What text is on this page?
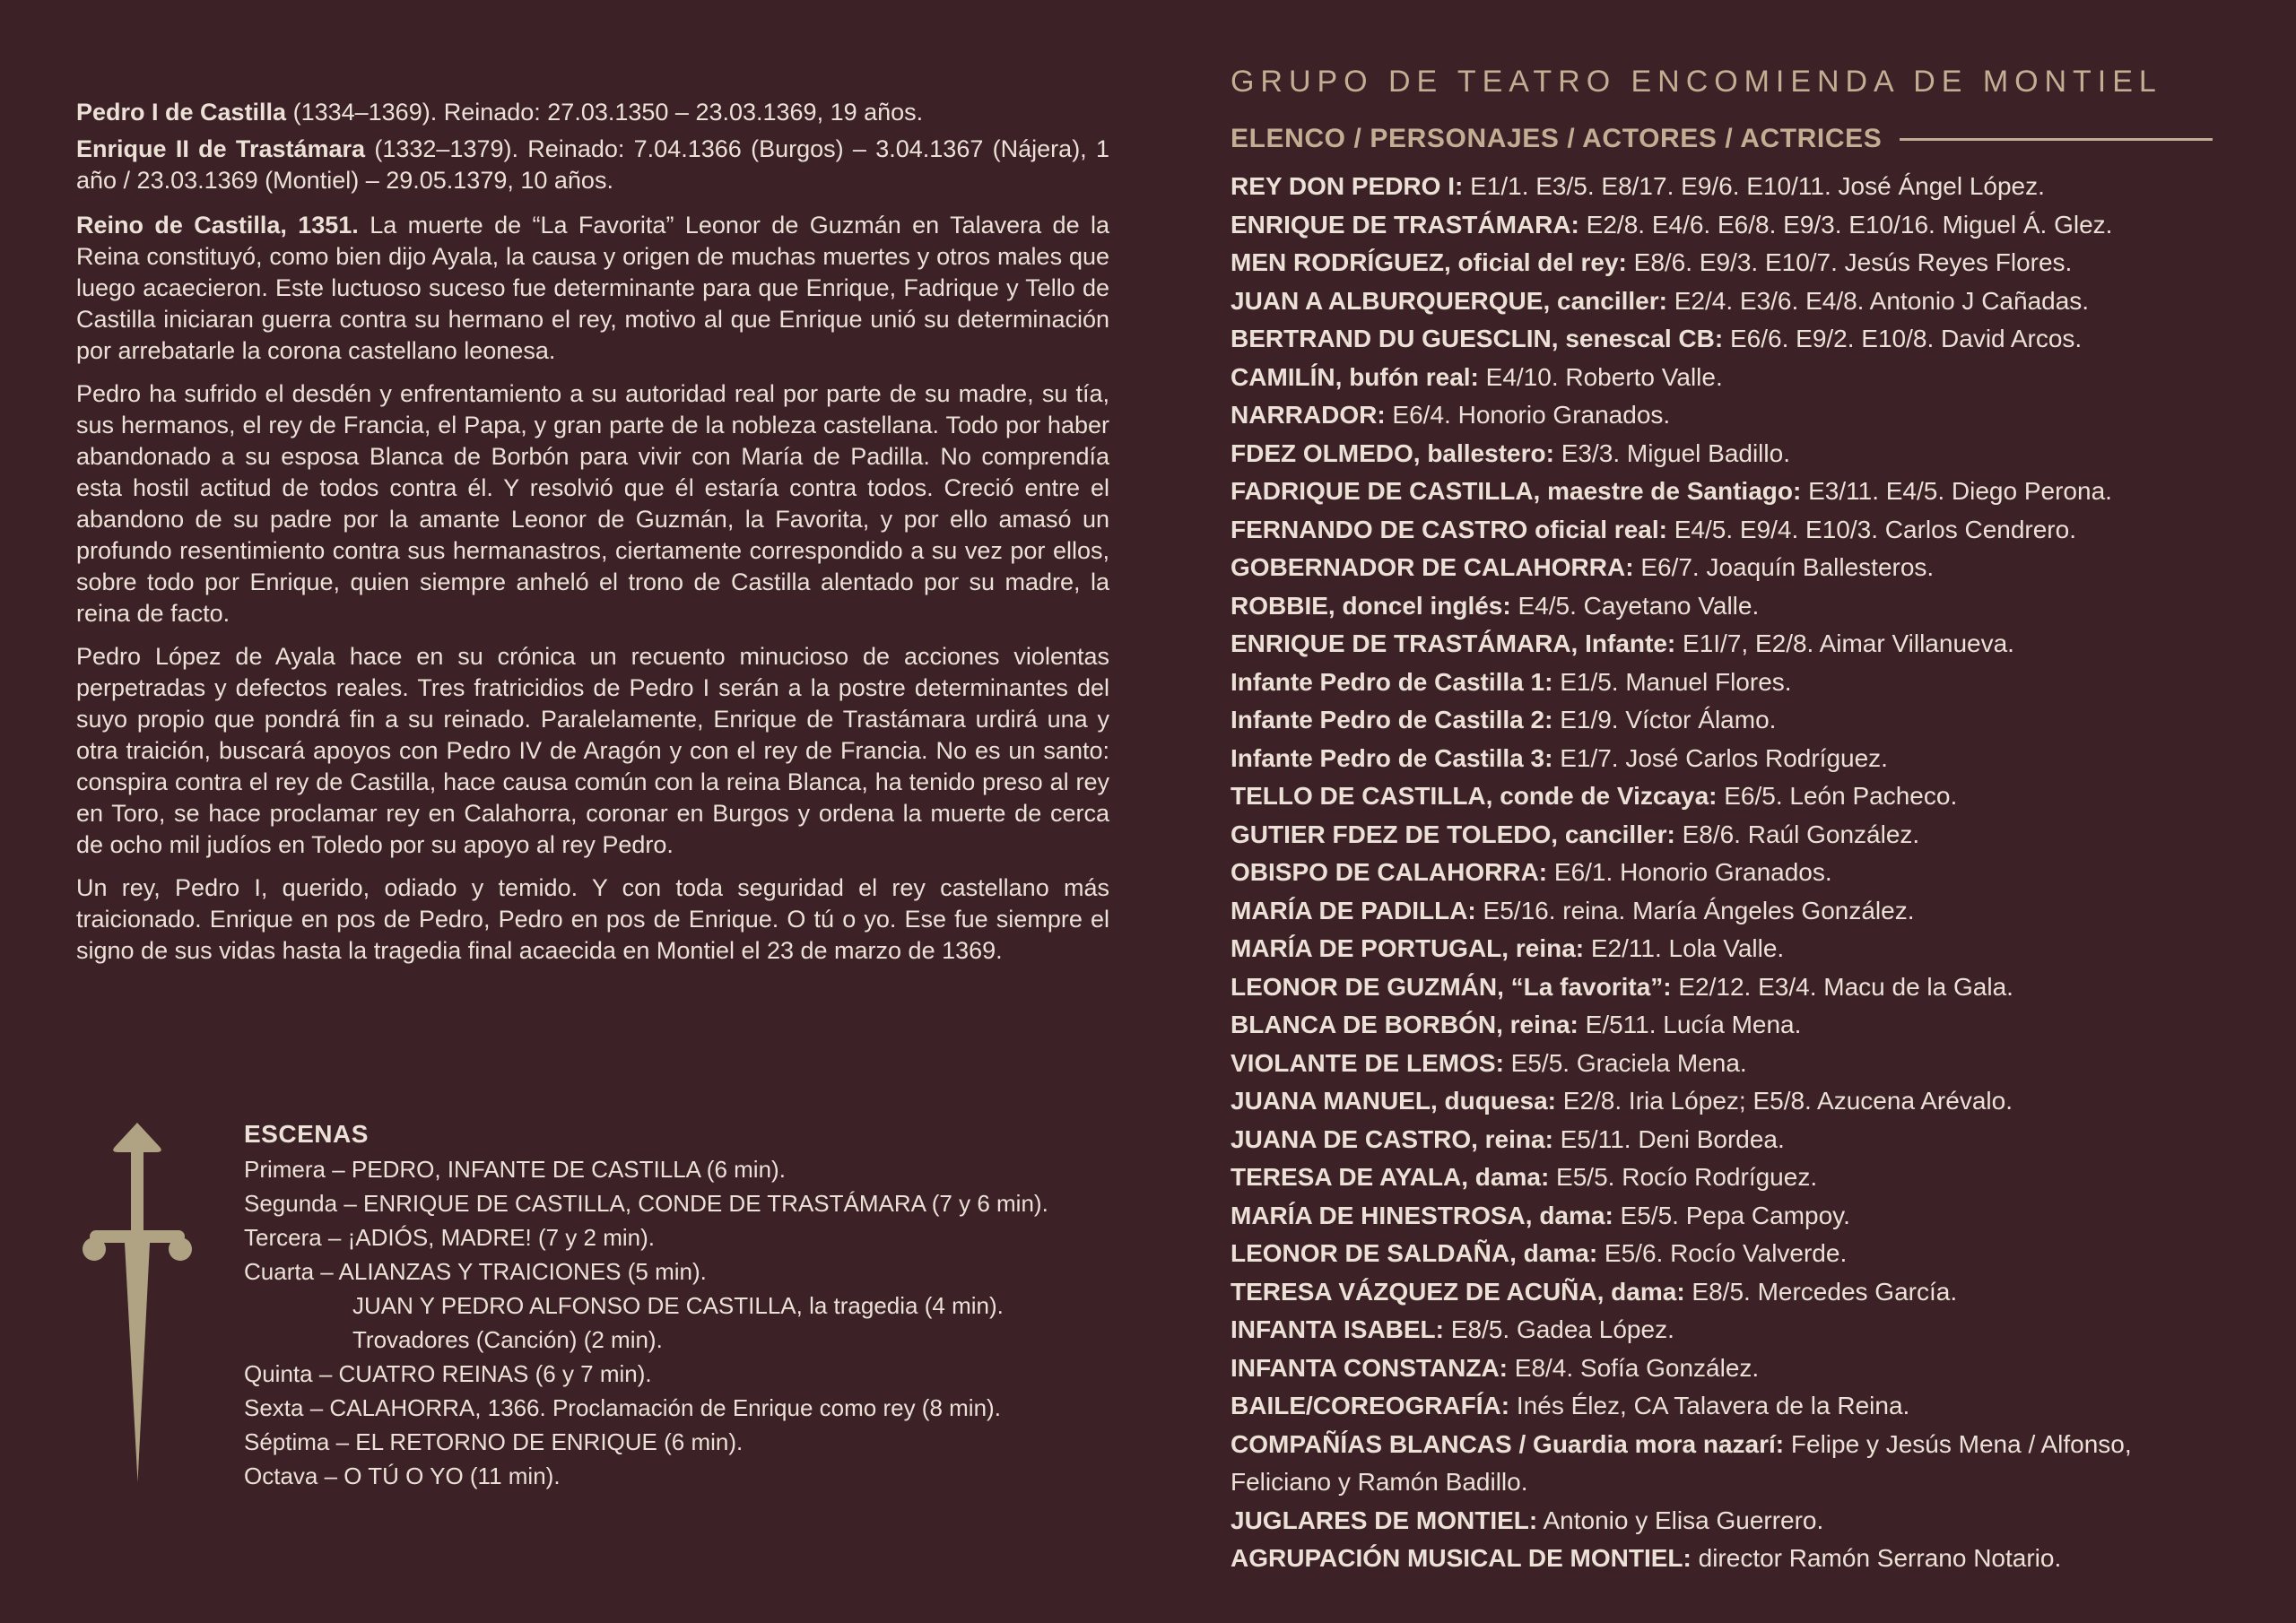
Pedro I de Castilla (1334–1369). Reinado: 27.03.1350 – 23.03.1369, 19 años.
Enrique II de Trastámara (1332–1379). Reinado: 7.04.1366 (Burgos) – 3.04.1367 (Nájera), 1 año / 23.03.1369 (Montiel) – 29.05.1379, 10 años.

Reino de Castilla, 1351. La muerte de “La Favorita” Leonor de Guzmán en Talavera de la Reina constituyó, como bien dijo Ayala, la causa y origen de muchas muertes y otros males que luego acaecieron. Este luctuoso suceso fue determinante para que Enrique, Fadrique y Tello de Castilla iniciaran guerra contra su hermano el rey, motivo al que Enrique unió su determinación por arrebatarle la corona castellano leonesa.

Pedro ha sufrido el desdén y enfrentamiento a su autoridad real por parte de su madre, su tía, sus hermanos, el rey de Francia, el Papa, y gran parte de la nobleza castellana. Todo por haber abandonado a su esposa Blanca de Borbón para vivir con María de Padilla. No comprendía esta hostil actitud de todos contra él. Y resolvió que él estaría contra todos. Creció entre el abandono de su padre por la amante Leonor de Guzmán, la Favorita, y por ello amasó un profundo resentimiento contra sus hermanastros, ciertamente correspondido a su vez por ellos, sobre todo por Enrique, quien siempre anheló el trono de Castilla alentado por su madre, la reina de facto.

Pedro López de Ayala hace en su crónica un recuento minucioso de acciones violentas perpetradas y defectos reales. Tres fratricidios de Pedro I serán a la postre determinantes del suyo propio que pondrá fin a su reinado. Paralelamente, Enrique de Trastámara urdirá una y otra traición, buscará apoyos con Pedro IV de Aragón y con el rey de Francia. No es un santo: conspira contra el rey de Castilla, hace causa común con la reina Blanca, ha tenido preso al rey en Toro, se hace proclamar rey en Calahorra, coronar en Burgos y ordena la muerte de cerca de ocho mil judíos en Toledo por su apoyo al rey Pedro.

Un rey, Pedro I, querido, odiado y temido. Y con toda seguridad el rey castellano más traicionado. Enrique en pos de Pedro, Pedro en pos de Enrique. O tú o yo. Ese fue siempre el signo de sus vidas hasta la tragedia final acaecida en Montiel el 23 de marzo de 1369.

ESCENAS
Primera – PEDRO, INFANTE DE CASTILLA (6 min).
Segunda – ENRIQUE DE CASTILLA, CONDE DE TRASTÁMARA (7 y 6 min).
Tercera – ¡ADIÓS, MADRE! (7 y 2 min).
Cuarta – ALIANZAS Y TRAICIONES (5 min).
JUAN Y PEDRO ALFONSO DE CASTILLA, la tragedia (4 min).
Trovadores (Canción) (2 min).
Quinta – CUATRO REINAS (6 y 7 min).
Sexta – CALAHORRA, 1366. Proclamación de Enrique como rey (8 min).
Séptima – EL RETORNO DE ENRIQUE (6 min).
Octava – O TÚ O YO (11 min).
GRUPO DE TEATRO ENCOMIENDA DE MONTIEL
ELENCO / PERSONAJES / ACTORES / ACTRICES
REY DON PEDRO I: E1/1. E3/5. E8/17. E9/6. E10/11. José Ángel López.
ENRIQUE DE TRASTÁMARA: E2/8. E4/6. E6/8. E9/3. E10/16. Miguel Á. Glez.
MEN RODRÍGUEZ, oficial del rey: E8/6. E9/3. E10/7. Jesús Reyes Flores.
JUAN A ALBURQUERQUE, canciller: E2/4. E3/6. E4/8. Antonio J Cañadas.
BERTRAND DU GUESCLIN, senescal CB: E6/6. E9/2. E10/8. David Arcos.
CAMILÍN, bufón real: E4/10. Roberto Valle.
NARRADOR: E6/4. Honorio Granados.
FDEZ OLMEDO, ballestero: E3/3. Miguel Badillo.
FADRIQUE DE CASTILLA, maestre de Santiago: E3/11. E4/5. Diego Perona.
FERNANDO DE CASTRO oficial real: E4/5. E9/4. E10/3. Carlos Cendrero.
GOBERNADOR DE CALAHORRA: E6/7. Joaquín Ballesteros.
ROBBIE, doncel inglés: E4/5. Cayetano Valle.
ENRIQUE DE TRASTÁMARA, Infante: E1I/7, E2/8. Aimar Villanueva.
Infante Pedro de Castilla 1: E1/5. Manuel Flores.
Infante Pedro de Castilla 2: E1/9. Víctor Álamo.
Infante Pedro de Castilla 3: E1/7. José Carlos Rodríguez.
TELLO DE CASTILLA, conde de Vizcaya: E6/5. León Pacheco.
GUTIER FDEZ DE TOLEDO, canciller: E8/6. Raúl González.
OBISPO DE CALAHORRA: E6/1. Honorio Granados.
MARÍA DE PADILLA: E5/16. reina. María Ángeles González.
MARÍA DE PORTUGAL, reina: E2/11. Lola Valle.
LEONOR DE GUZMÁN, “La favorita”: E2/12. E3/4. Macu de la Gala.
BLANCA DE BORBÓN, reina: E/511. Lucía Mena.
VIOLANTE DE LEMOS: E5/5. Graciela Mena.
JUANA MANUEL, duquesa: E2/8. Iria López; E5/8. Azucena Arévalo.
JUANA DE CASTRO, reina: E5/11. Deni Bordea.
TERESA DE AYALA, dama: E5/5. Rocío Rodríguez.
MARÍA DE HINESTROSA, dama: E5/5. Pepa Campoy.
LEONOR DE SALDAÑA, dama: E5/6. Rocío Valverde.
TERESA VÁZQUEZ DE ACUÑA, dama: E8/5. Mercedes García.
INFANTA ISABEL: E8/5. Gadea López.
INFANTA CONSTANZA: E8/4. Sofía González.
BAILE/COREOGRAFÍA: Inés Élez, CA Talavera de la Reina.
COMPAÑÍAS BLANCAS / Guardia mora nazarí: Felipe y Jesús Mena / Alfonso, Feliciano y Ramón Badillo.
JUGLARES DE MONTIEL: Antonio y Elisa Guerrero.
AGRUPACIÓN MUSICAL DE MONTIEL: director Ramón Serrano Notario.
